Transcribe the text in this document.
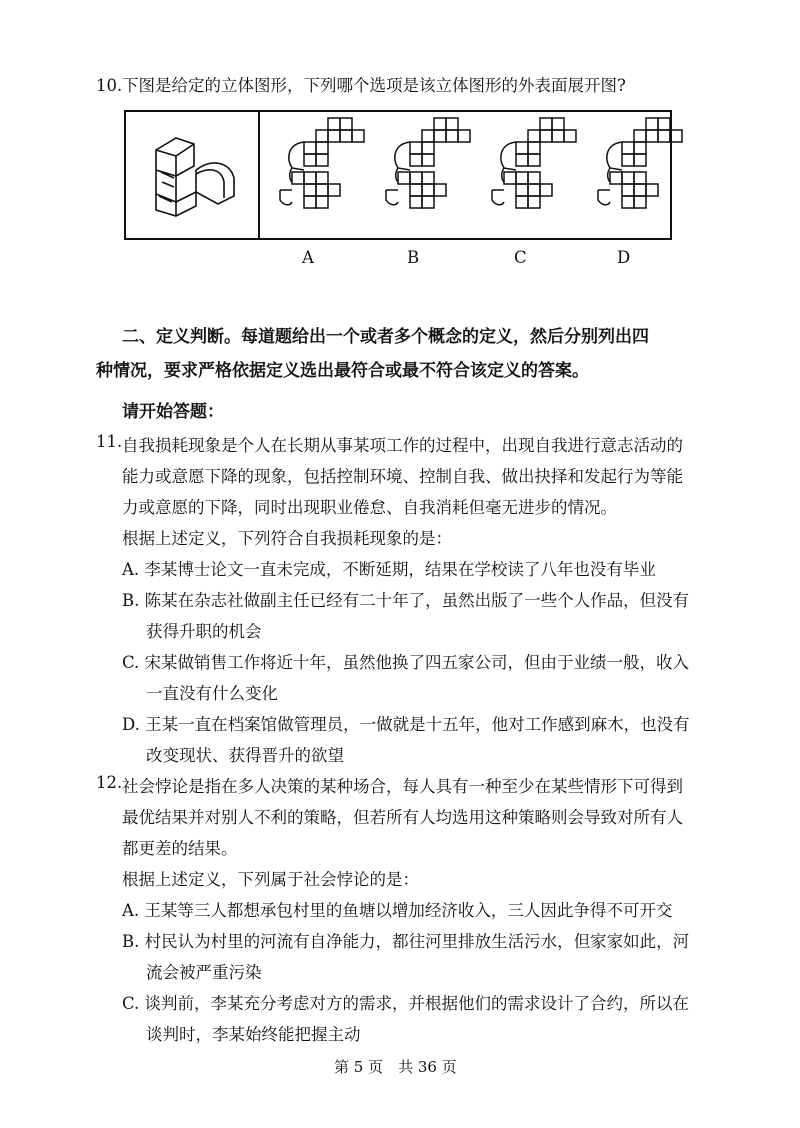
10.下图是给定的立体图形，下列哪个选项是该立体图形的外表面展开图?
A	B	C	D
二、定义判断。每道题给出一个或者多个概念的定义，然后分别列出四
种情况，要求严格依据定义选出最符合或最不符合该定义的答案。
请开始答题：
11. 自我损耗现象是个人在长期从事某项工作的过程中，出现自我进行意志活动的
能力或意愿下降的现象，包括控制环境、控制自我、做出抉择和发起行为等能
力或意愿的下降，同时出现职业倦怠、自我消耗但毫无进步的情况。
根据上述定义，下列符合自我损耗现象的是：
A. 李某博士论文一直未完成，不断延期，结果在学校读了八年也没有毕业
B. 陈某在杂志社做副主任已经有二十年了，虽然出版了一些个人作品，但没有
获得升职的机会
C. 宋某做销售工作将近十年，虽然他换了四五家公司，但由于业绩一般，收入
一直没有什么变化
D. 王某一直在档案馆做管理员，一做就是十五年，他对工作感到麻木，也没有
改变现状、获得晋升的欲望
12. 社会悖论是指在多人决策的某种场合，每人具有一种至少在某些情形下可得到
最优结果并对别人不利的策略，但若所有人均选用这种策略则会导致对所有人
都更差的结果。
根据上述定义，下列属于社会悖论的是：
A. 王某等三人都想承包村里的鱼塘以增加经济收入，三人因此争得不可开交
B. 村民认为村里的河流有自净能力，都往河里排放生活污水，但家家如此，河
流会被严重污染
C. 谈判前，李某充分考虑对方的需求，并根据他们的需求设计了合约，所以在
谈判时，李某始终能把握主动
第 5 页　共 36 页
